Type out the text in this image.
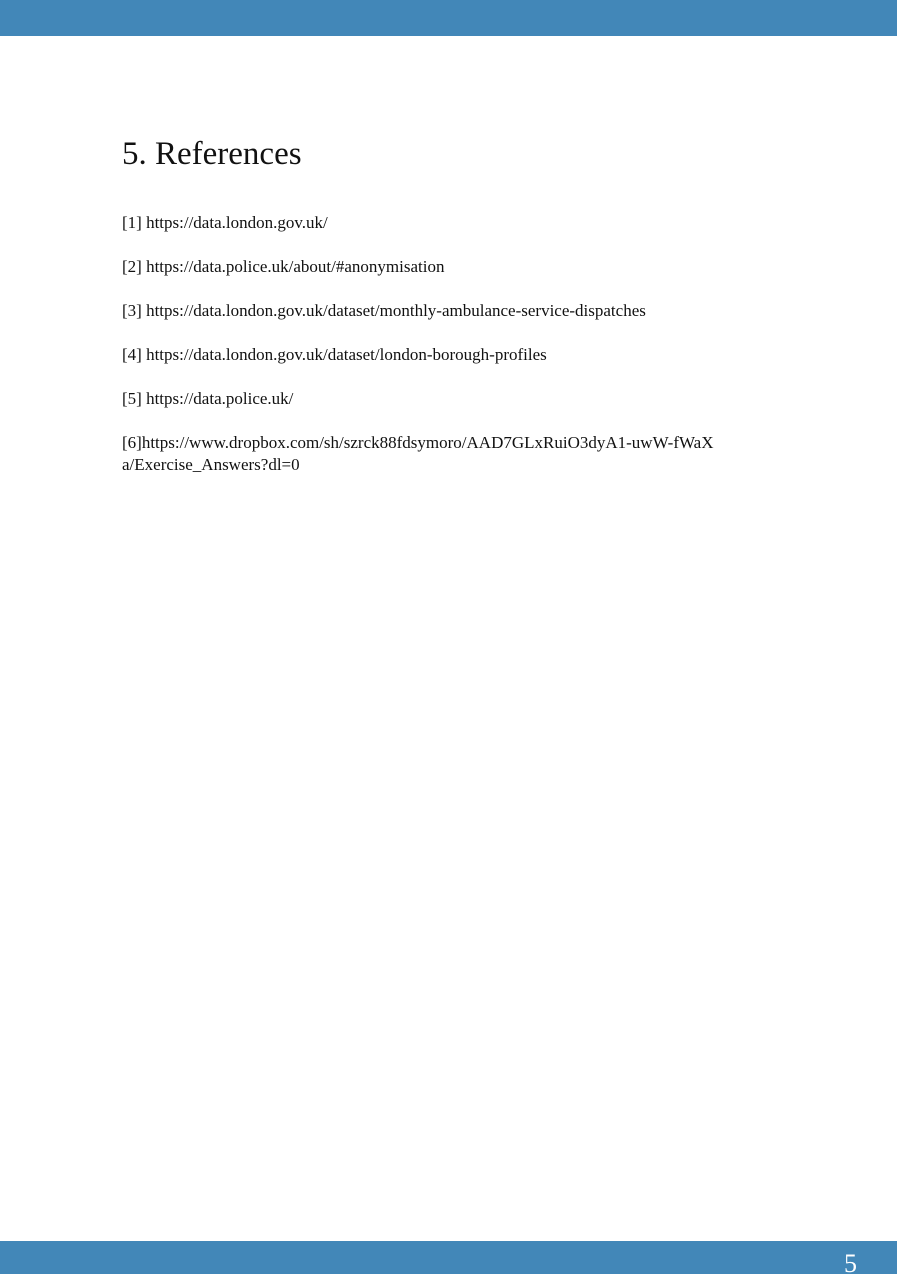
5. References
[1] https://data.london.gov.uk/
[2] https://data.police.uk/about/#anonymisation
[3] https://data.london.gov.uk/dataset/monthly-ambulance-service-dispatches
[4] https://data.london.gov.uk/dataset/london-borough-profiles
[5] https://data.police.uk/
[6]https://www.dropbox.com/sh/szrck88fdsymoro/AAD7GLxRuiO3dyA1-uwW-fWaXa/Exercise_Answers?dl=0
5
